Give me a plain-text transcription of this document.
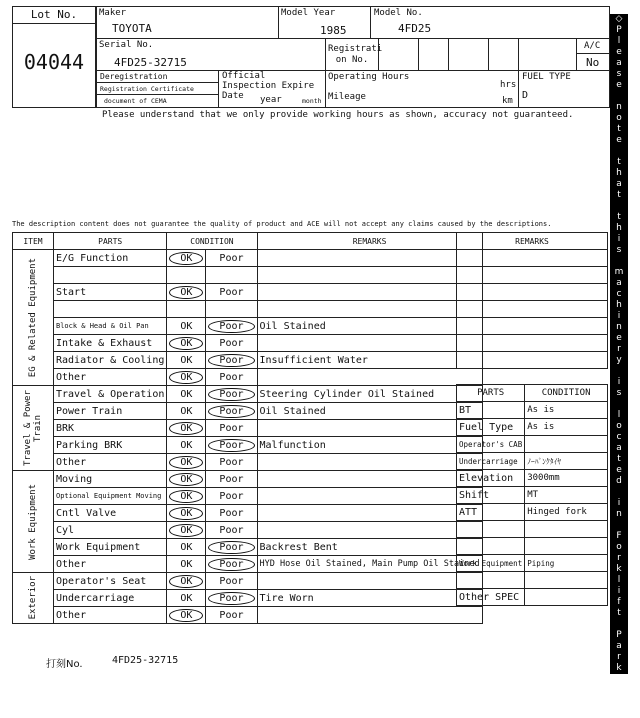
Lot No.
04044
Maker
TOYOTA
Model Year
1985
Model No.
4FD25
Serial No.
4FD25-32715
Registrati on No.
A/C
No
Deregistration
Registration Certificate
document of CEMA
Official Inspection Expire Date	year	month
Operating Hours
hrs
Mileage	km
FUEL TYPE
D
Please understand that we only provide working hours as shown, accuracy not guaranteed.
The description content does not guarantee the quality of product and ACE will not accept any claims caused by the descriptions.
ITEM	PARTS	CONDITION		REMARKS

EG & Related Equipment	E/G Function	OK	Poor	

	Start	OK	Poor	

	Block & Head & Oil Pan	OK	Poor	Oil Stained
	Intake & Exhaust	OK	Poor	
	Radiator & Cooling	OK	Poor	Insufficient Water
	Other	OK	Poor	

Travel & Power Train	Travel & Operation	OK	Poor	Steering Cylinder Oil Stained
	Power Train	OK	Poor	Oil Stained
	BRK	OK	Poor	
	Parking BRK	OK	Poor	Malfunction
	Other	OK	Poor	

Work Equipment	Moving	OK	Poor	
	Optional Equipment Moving	OK	Poor	
	Cntl Valve	OK	Poor	
	Cyl	OK	Poor	
	Work Equipment	OK	Poor	Backrest Bent
	Other	OK	Poor	HYD Hose Oil Stained, Main Pump Oil Stained

Exterior	Operator's Seat	OK	Poor	
	Undercarriage	OK	Poor	Tire Worn
	Other	OK	Poor	
REMARKS

PARTS	CONDITION
BT	As is
Fuel Type	As is
Operator's CAB	
Undercarriage	ﾉｰﾊﾟﾝｸﾀｲﾔ
Elevation	3000mm
Shift	MT
ATT	Hinged fork

Work Equipment	Piping

Other SPEC	
打刻No.	4FD25-32715
◇
P
l
e
a
s
e

n
o
t
e

t
h
a
t

t
h
i
s

m
a
c
h
i
n
e
r
y

i
s

l
o
c
a
t
e
d

i
n

F
o
r
k
l
i
f
t

P
a
r
k
i
n
g
◇
